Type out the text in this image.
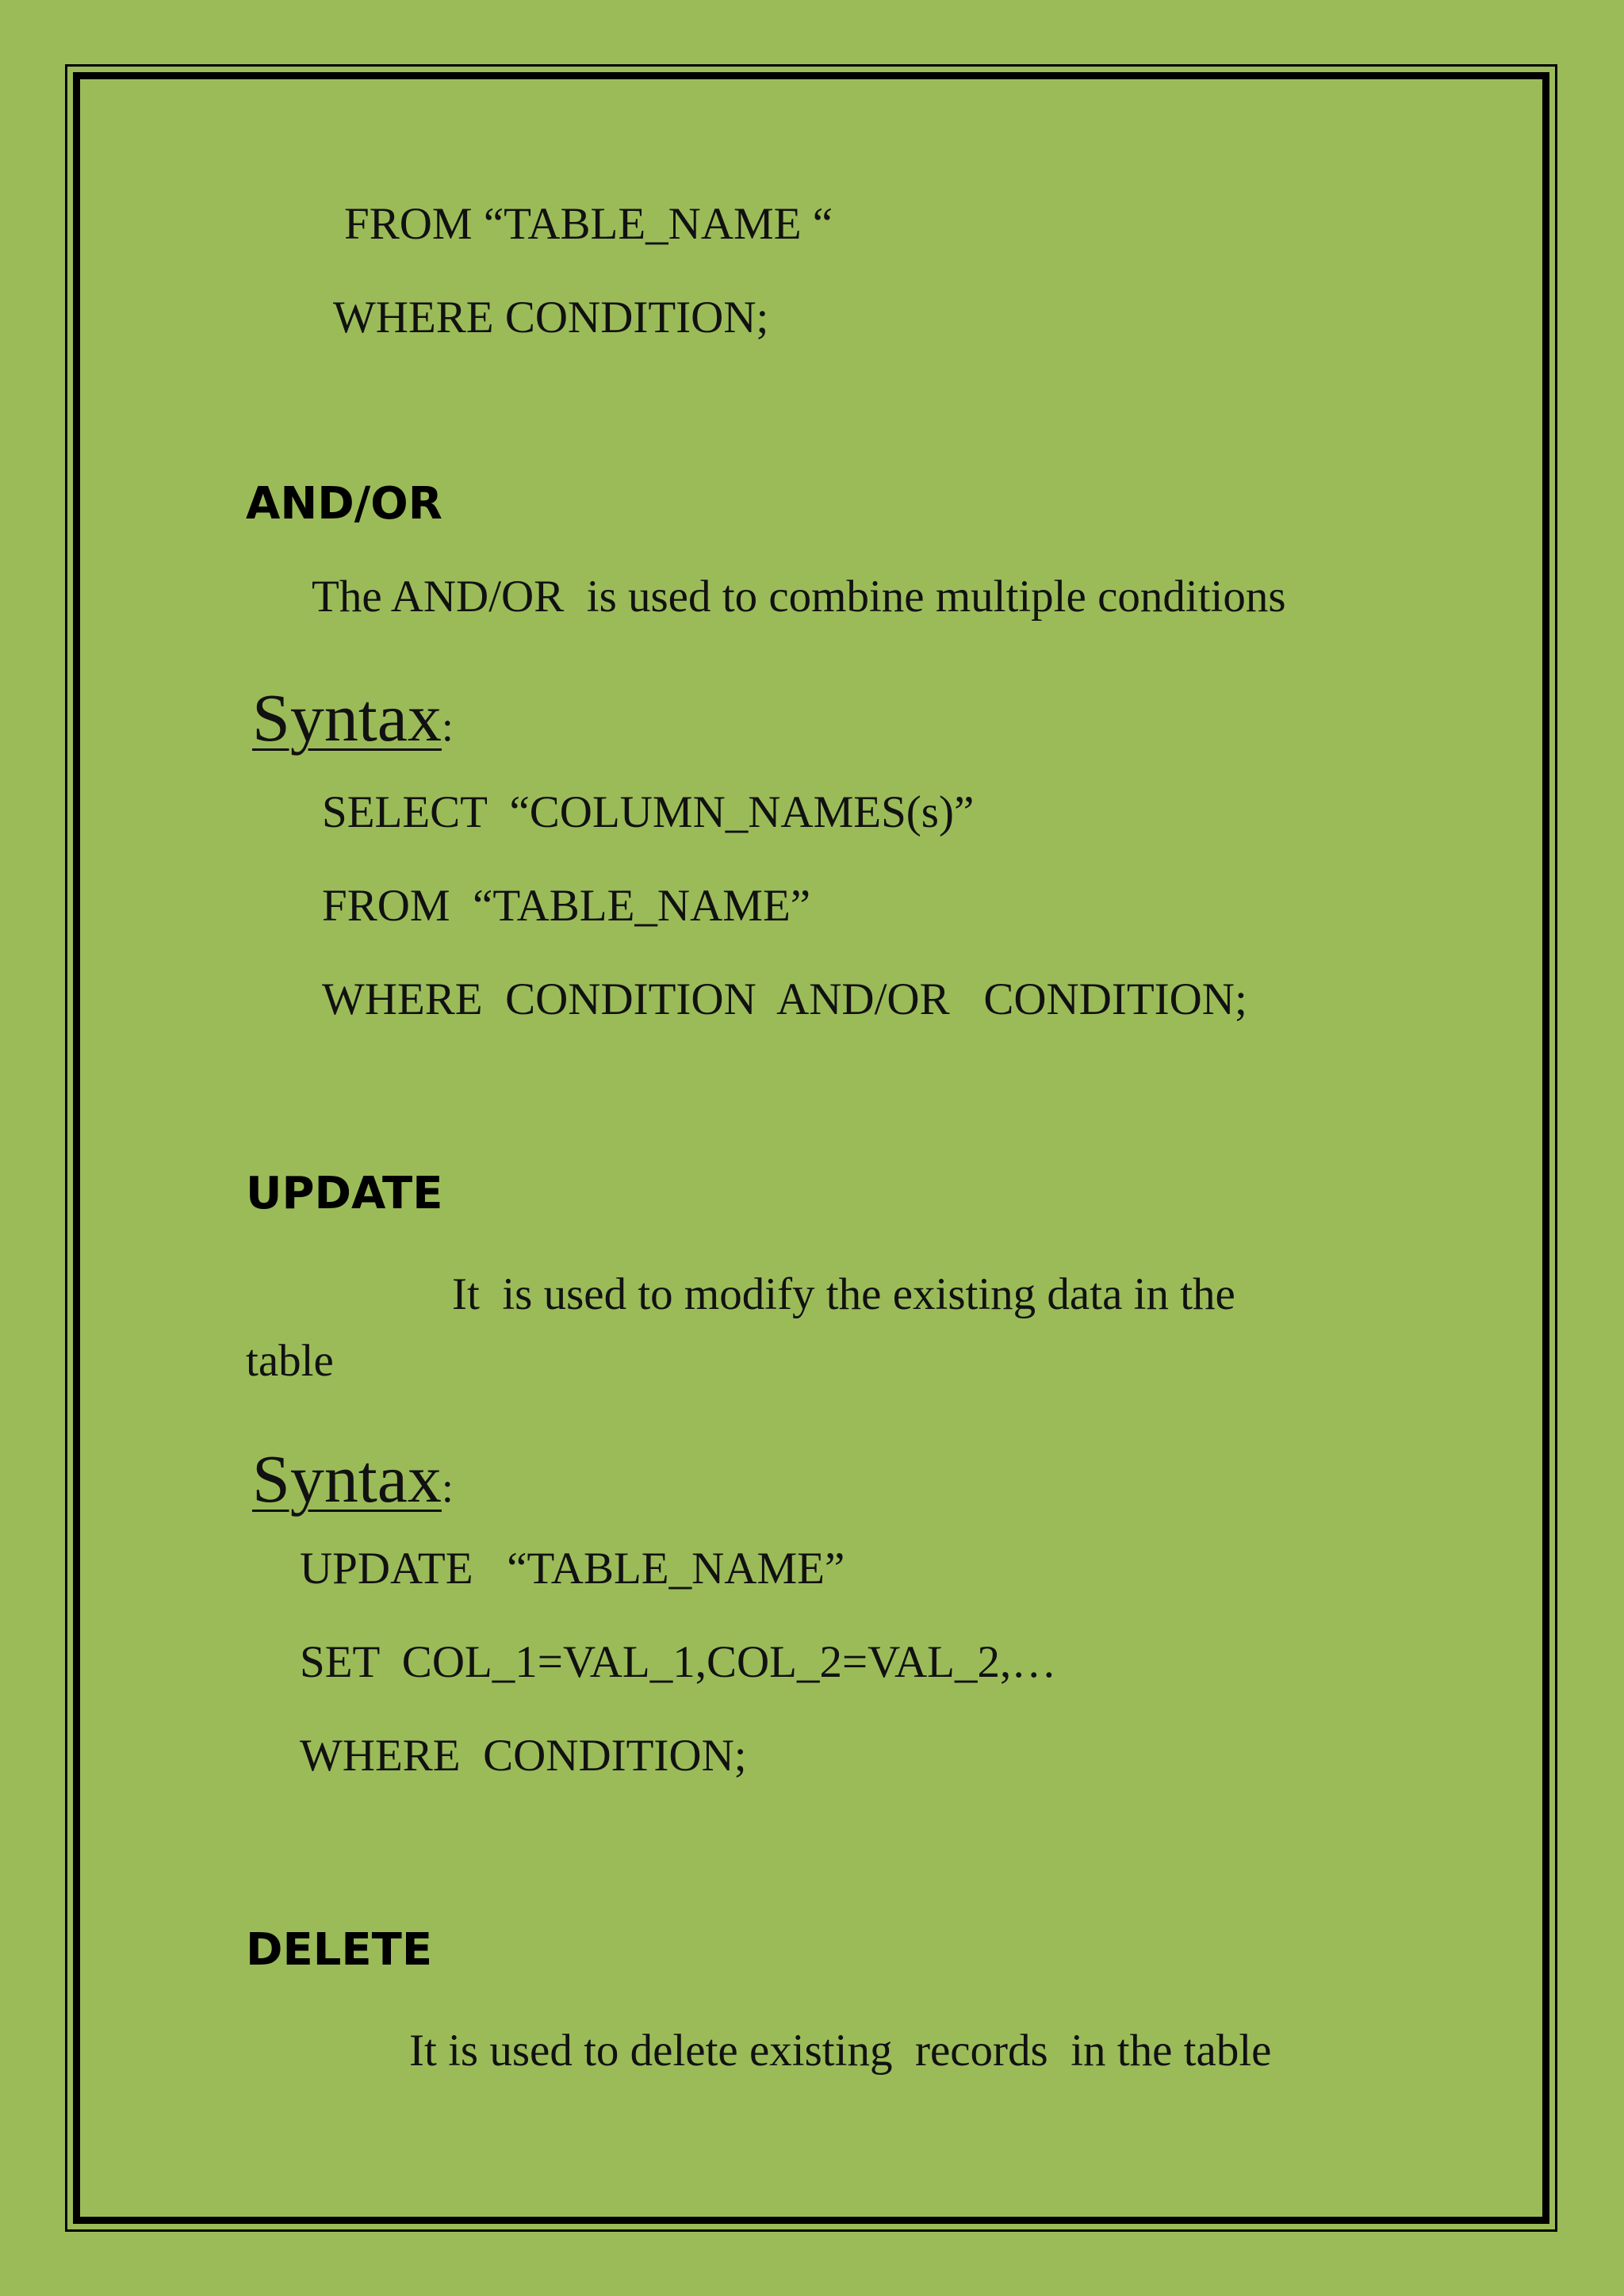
FROM “TABLE_NAME “
WHERE CONDITION;
AND/OR
The AND/OR  is used to combine multiple conditions

Syntax:

SELECT  “COLUMN_NAMES(s)”
FROM  “TABLE_NAME”
WHERE  CONDITION  AND/OR   CONDITION;
UPDATE
It  is used to modify the existing data in the
table

Syntax:

UPDATE   “TABLE_NAME”
SET  COL_1=VAL_1,COL_2=VAL_2,…
WHERE  CONDITION;
DELETE
It is used to delete existing  records  in the table
